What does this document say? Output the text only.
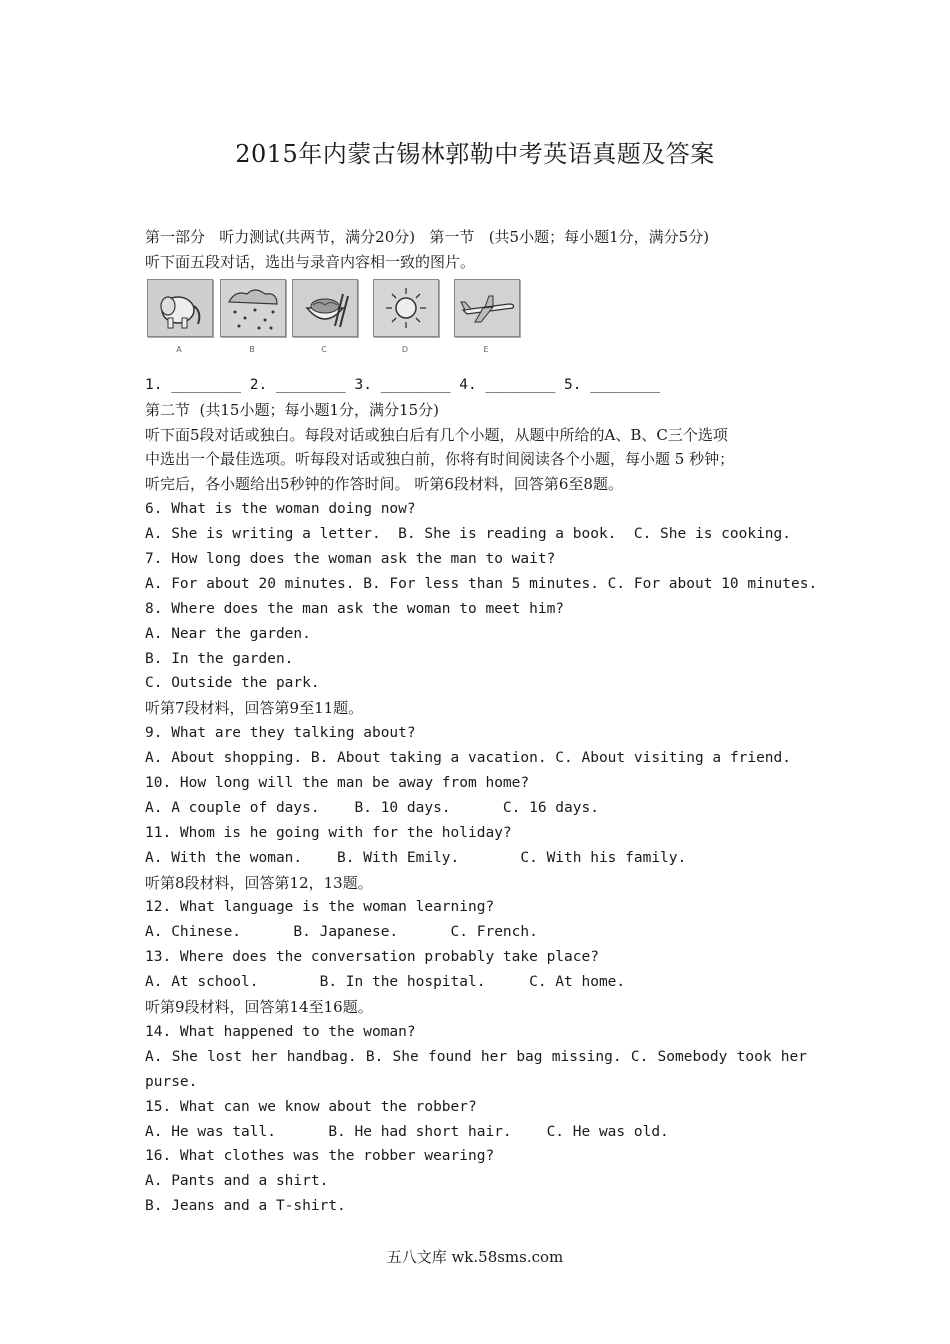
2015年内蒙古锡林郭勒中考英语真题及答案
第一部分   听力测试(共两节，满分20分)   第一节   (共5小题；每小题1分，满分5分)
听下面五段对话，选出与录音内容相一致的图片。
A	B	C	D	E
1. ________ 2. ________ 3. ________ 4. ________ 5. ________
第二节  (共15小题；每小题1分，满分15分)
听下面5段对话或独白。每段对话或独白后有几个小题，从题中所给的A、B、C三个选项
中选出一个最佳选项。听每段对话或独白前，你将有时间阅读各个小题，每小题 5 秒钟；
听完后，各小题给出5秒钟的作答时间。 听第6段材料，回答第6至8题。
6. What is the woman doing now?
A. She is writing a letter.  B. She is reading a book.  C. She is cooking.
7. How long does the woman ask the man to wait?
A. For about 20 minutes. B. For less than 5 minutes. C. For about 10 minutes.
8. Where does the man ask the woman to meet him?
A. Near the garden.
B. In the garden.
C. Outside the park.
听第7段材料，回答第9至11题。
9. What are they talking about?
A. About shopping. B. About taking a vacation. C. About visiting a friend.
10. How long will the man be away from home?
A. A couple of days.    B. 10 days.      C. 16 days.
11. Whom is he going with for the holiday?
A. With the woman.    B. With Emily.       C. With his family.
听第8段材料，回答第12，13题。
12. What language is the woman learning?
A. Chinese.      B. Japanese.      C. French.
13. Where does the conversation probably take place?
A. At school.       B. In the hospital.     C. At home.
听第9段材料，回答第14至16题。
14. What happened to the woman?
A. She lost her handbag. B. She found her bag missing. C. Somebody took her
purse.
15. What can we know about the robber?
A. He was tall.      B. He had short hair.    C. He was old.
16. What clothes was the robber wearing?
A. Pants and a shirt.
B. Jeans and a T-shirt.
五八文库 wk.58sms.com
